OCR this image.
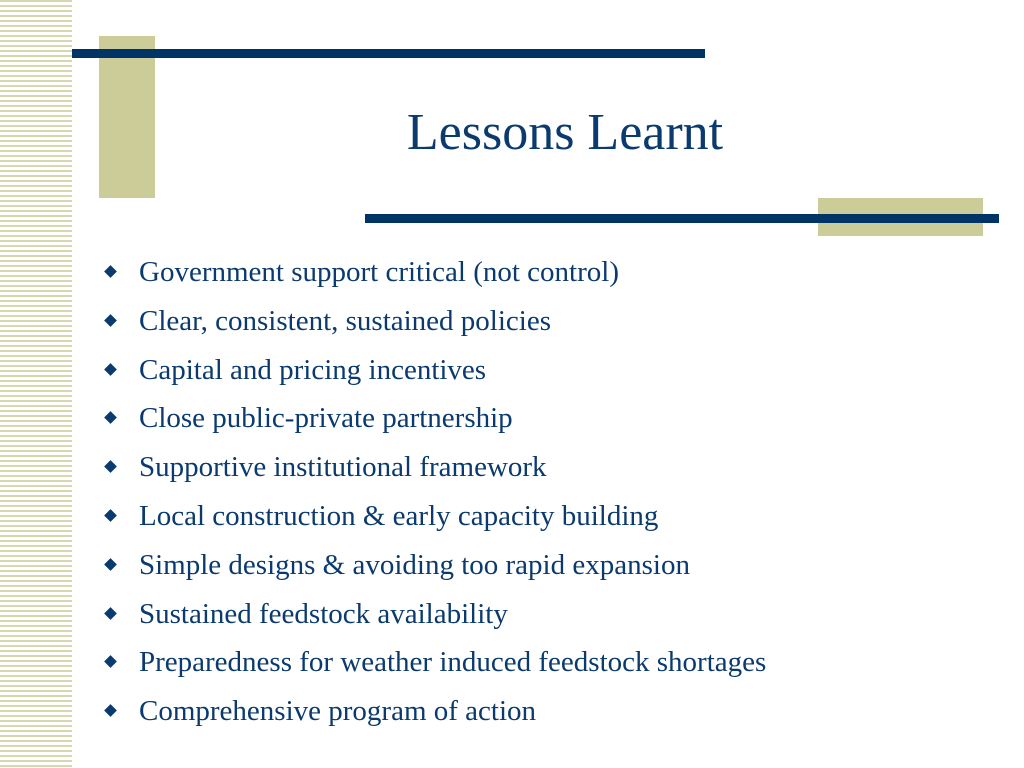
Lessons Learnt
Government support critical (not control)
Clear, consistent, sustained policies
Capital and pricing incentives
Close public-private partnership
Supportive institutional framework
Local construction & early capacity building
Simple designs & avoiding too rapid expansion
Sustained feedstock availability
Preparedness for weather induced feedstock shortages
Comprehensive program of action
